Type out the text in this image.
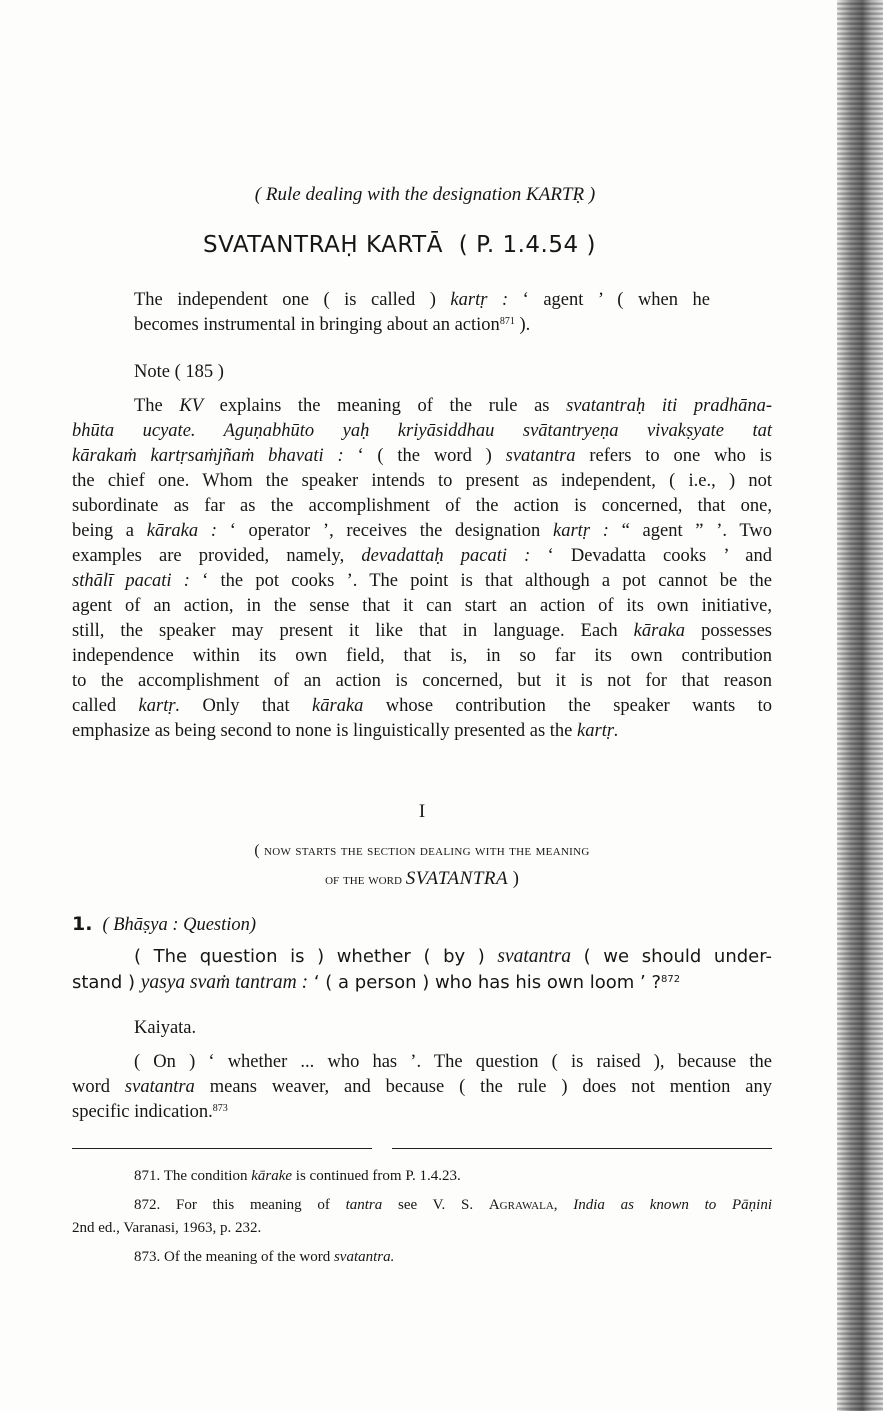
( Rule dealing with the designation KARTṚ )

SVATANTRAḤ KARTĀ ( P. 1.4.54 )

The independent one ( is called ) kartṛ : ‘ agent ’ ( when he

becomes instrumental in bringing about an action$^{871}$ ).

Note ( 185 )

The KV explains the meaning of the rule as svatantraḥ iti pradhāna-

bhūta ucyate. Aguṇabhūto yaḥ kriyāsiddhau svātantryeṇa vivakṣyate tat

kārakaṁ kartṛsaṁjñaṁ bhavati : ‘ ( the word ) svatantra refers to one who is

the chief one. Whom the speaker intends to present as independent, ( i.e., ) not

subordinate as far as the accomplishment of the action is concerned, that one,

being a kāraka : ‘ operator ’, receives the designation kartṛ : “ agent ” ’. Two

examples are provided, namely, devadattaḥ pacati : ‘ Devadatta cooks ’ and

sthālī pacati : ‘ the pot cooks ’. The point is that although a pot cannot be the

agent of an action, in the sense that it can start an action of its own initiative,

still, the speaker may present it like that in language. Each kāraka possesses

independence within its own field, that is, in so far its own contribution

to the accomplishment of an action is concerned, but it is not for that reason

called kartṛ. Only that kāraka whose contribution the speaker wants to

emphasize as being second to none is linguistically presented as the kartṛ.

I

( now starts the section dealing with the meaning

of the word SVATANTRA )

1. ( Bhāṣya : Question)

( The question is ) whether ( by ) svatantra ( we should under-

stand ) yasya svaṁ tantram : ‘ ( a person ) who has his own loom ’ ?$^{872}$

Kaiyata.

( On ) ‘ whether ... who has ’. The question ( is raised ), because the

word svatantra means weaver, and because ( the rule ) does not mention any

specific indication.$^{873}$

871. The condition kārake is continued from P. 1.4.23.

872. For this meaning of tantra see V. S. Agrawala, India as known to Pāṇini

2nd ed., Varanasi, 1963, p. 232.

873. Of the meaning of the word svatantra.
